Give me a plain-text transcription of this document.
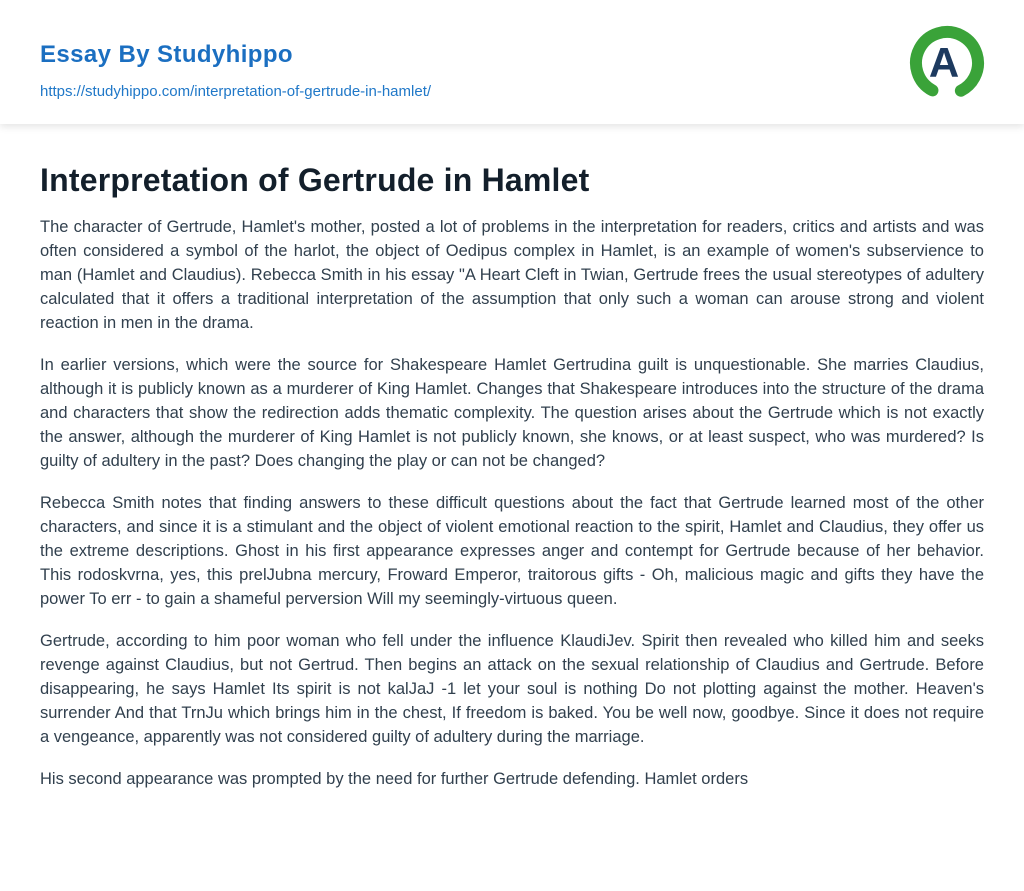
Essay By Studyhippo
https://studyhippo.com/interpretation-of-gertrude-in-hamlet/
A
Interpretation of Gertrude in Hamlet

The character of Gertrude, Hamlet's mother, posted a lot of problems in the interpretation for readers, critics and artists and was often considered a symbol of the harlot, the object of Oedipus complex in Hamlet, is an example of women's subservience to man (Hamlet and Claudius). Rebecca Smith in his essay "A Heart Cleft in Twian, Gertrude frees the usual stereotypes of adultery calculated that it offers a traditional interpretation of the assumption that only such a woman can arouse strong and violent reaction in men in the drama.

In earlier versions, which were the source for Shakespeare Hamlet Gertrudina guilt is unquestionable. She marries Claudius, although it is publicly known as a murderer of King Hamlet. Changes that Shakespeare introduces into the structure of the drama and characters that show the redirection adds thematic complexity. The question arises about the Gertrude which is not exactly the answer, although the murderer of King Hamlet is not publicly known, she knows, or at least suspect, who was murdered? Is guilty of adultery in the past? Does changing the play or can not be changed?

Rebecca Smith notes that finding answers to these difficult questions about the fact that Gertrude learned most of the other characters, and since it is a stimulant and the object of violent emotional reaction to the spirit, Hamlet and Claudius, they offer us the extreme descriptions. Ghost in his first appearance expresses anger and contempt for Gertrude because of her behavior. This rodoskvrna, yes, this prelJubna mercury, Froward Emperor, traitorous gifts - Oh, malicious magic and gifts they have the power To err - to gain a shameful perversion Will my seemingly-virtuous queen.

Gertrude, according to him poor woman who fell under the influence KlaudiJev. Spirit then revealed who killed him and seeks revenge against Claudius, but not Gertrud. Then begins an attack on the sexual relationship of Claudius and Gertrude. Before disappearing, he says Hamlet Its spirit is not kalJaJ -1 let your soul is nothing Do not plotting against the mother. Heaven's surrender And that TrnJu which brings him in the chest, If freedom is baked. You be well now, goodbye. Since it does not require a vengeance, apparently was not considered guilty of adultery during the marriage.

His second appearance was prompted by the need for further Gertrude defending. Hamlet orders
